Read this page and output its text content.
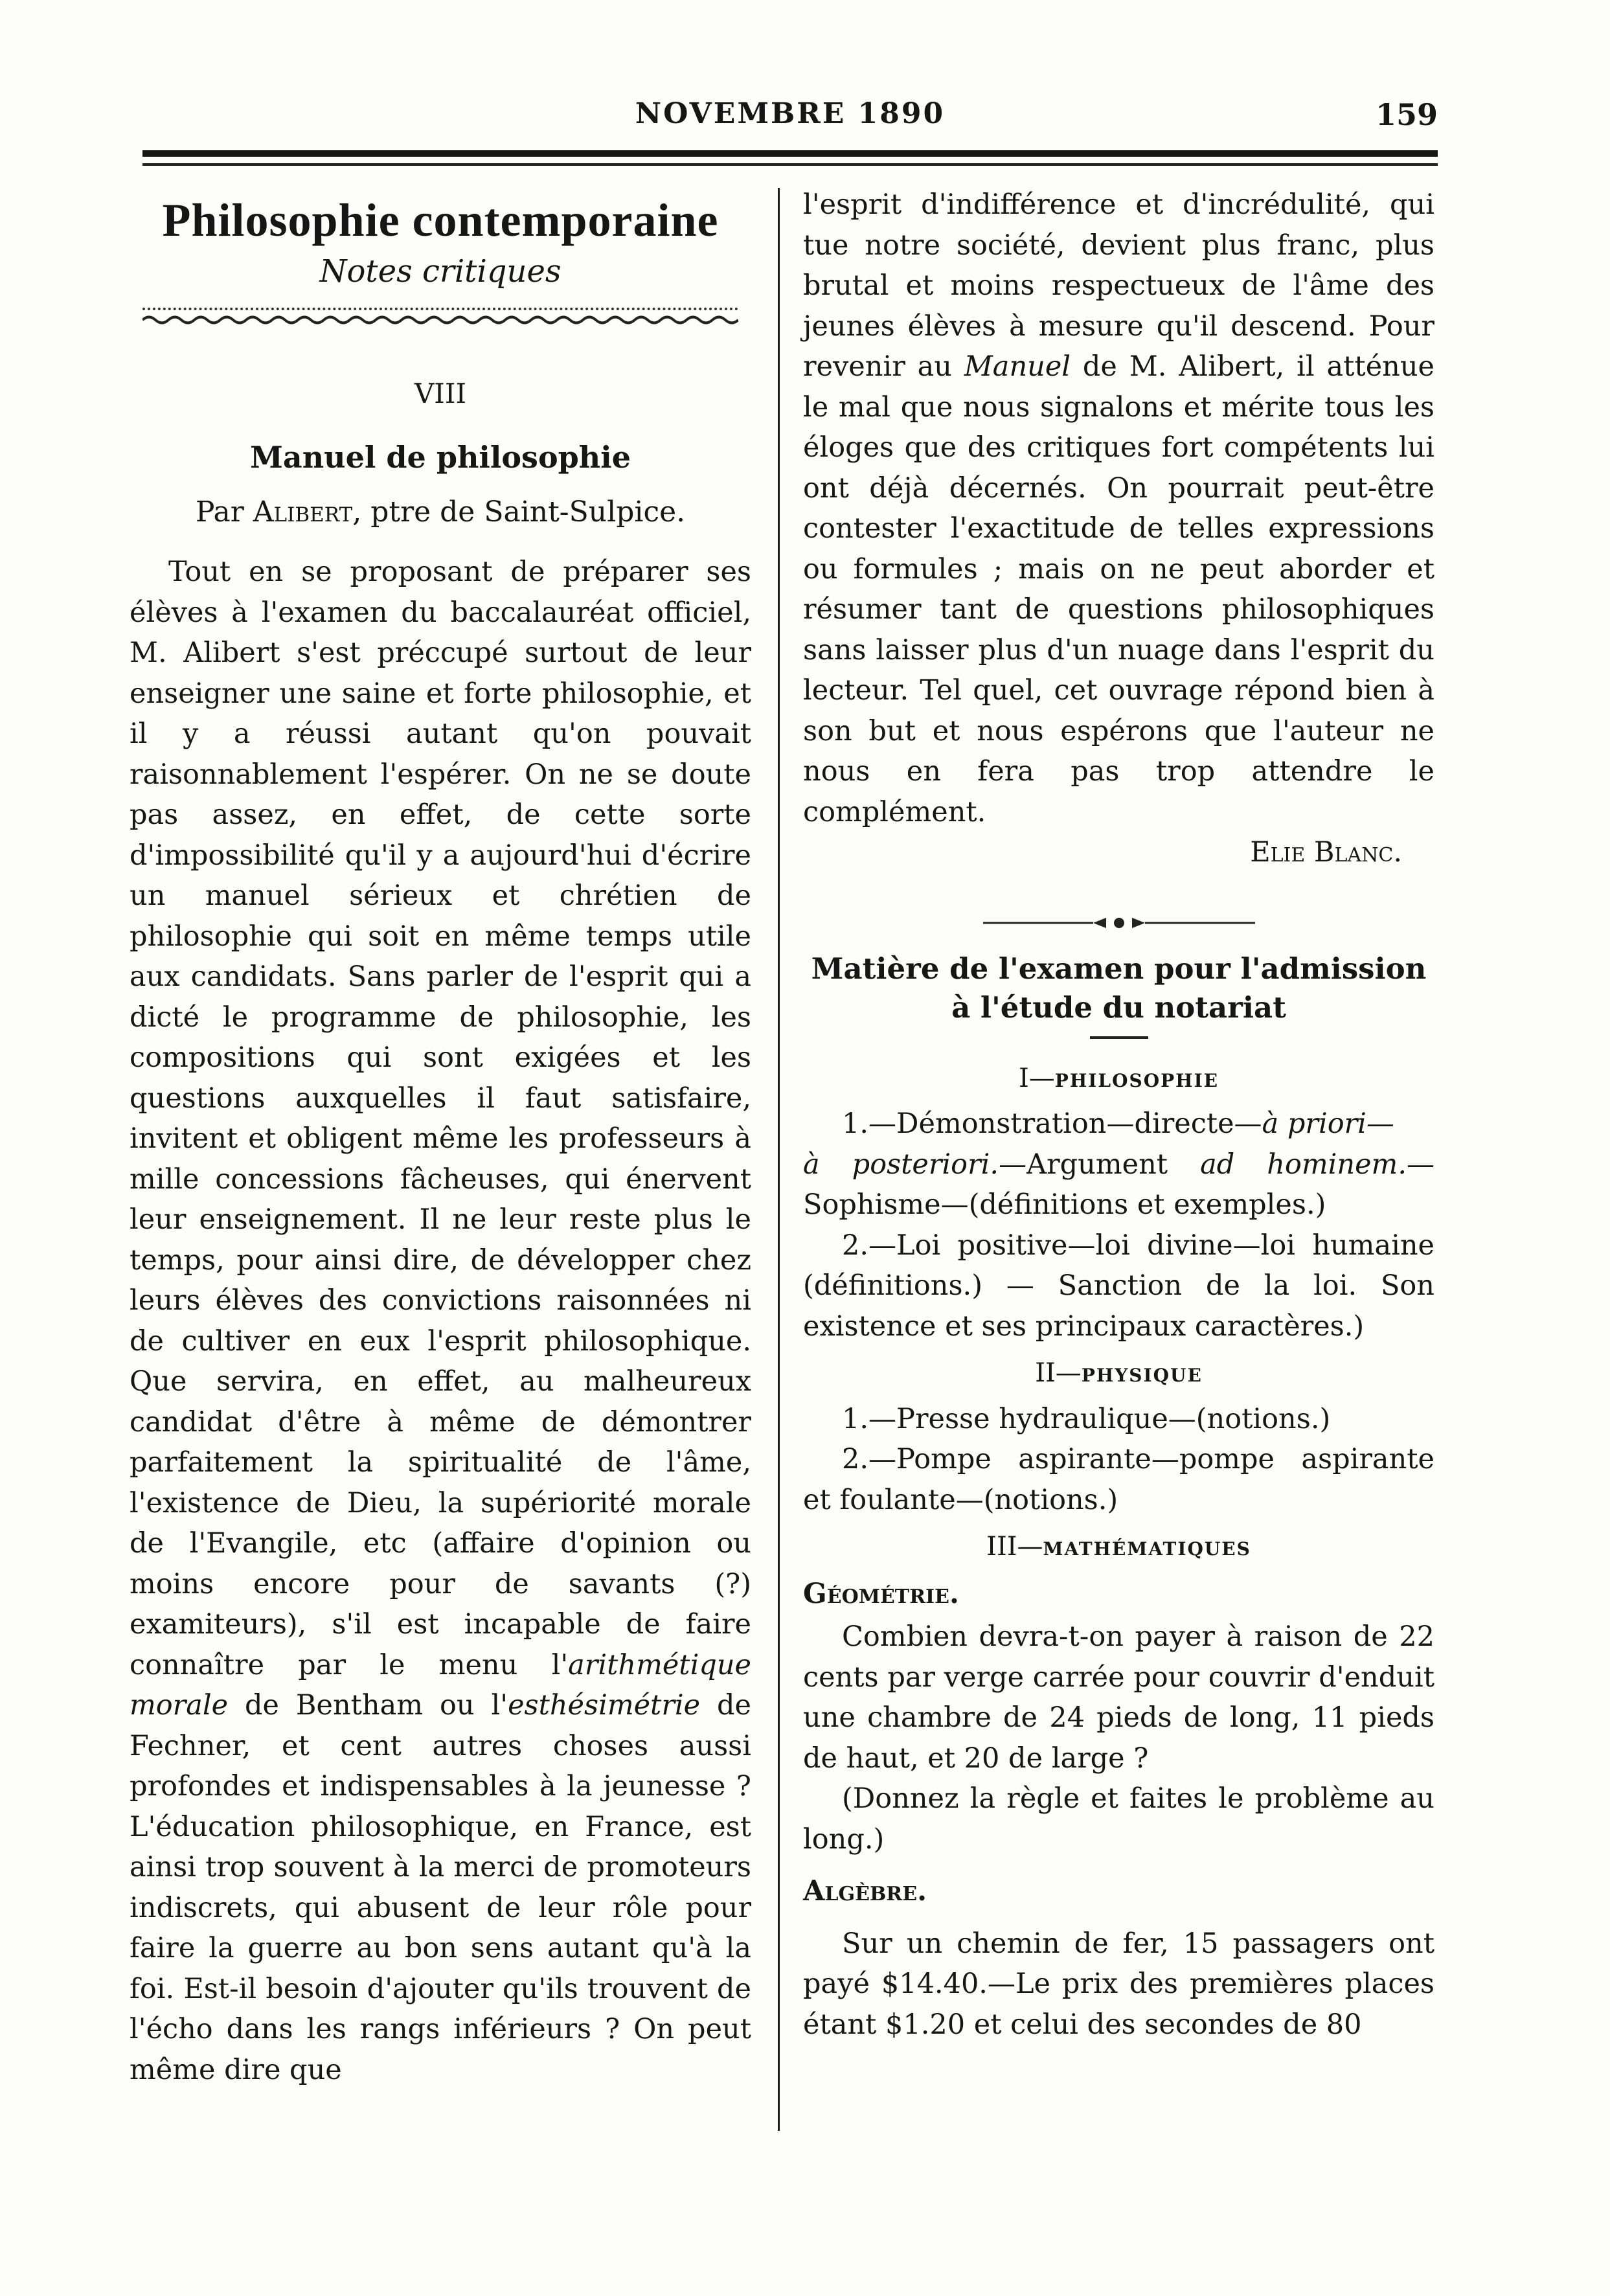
NOVEMBRE 1890	159
Philosophie contemporaine
Notes critiques
VIII
Manuel de philosophie
Par Alibert, ptre de Saint-Sulpice.

Tout en se proposant de préparer ses élèves à l'examen du baccalauréat officiel, M. Alibert s'est préccupé surtout de leur enseigner une saine et forte philosophie, et il y a réussi autant qu'on pouvait raisonnablement l'espérer. On ne se doute pas assez, en effet, de cette sorte d'impossibilité qu'il y a aujourd'hui d'écrire un manuel sérieux et chrétien de philosophie qui soit en même temps utile aux candidats. Sans parler de l'esprit qui a dicté le programme de philosophie, les compositions qui sont exigées et les questions auxquelles il faut satisfaire, invitent et obligent même les professeurs à mille concessions fâcheuses, qui énervent leur enseignement. Il ne leur reste plus le temps, pour ainsi dire, de développer chez leurs élèves des convictions raisonnées ni de cultiver en eux l'esprit philosophique. Que servira, en effet, au malheureux candidat d'être à même de démontrer parfaitement la spiritualité de l'âme, l'existence de Dieu, la supériorité morale de l'Evangile, etc (affaire d'opinion ou moins encore pour de savants (?) examiteurs), s'il est incapable de faire connaître par le menu l'arithmétique morale de Bentham ou l'esthésimétrie de Fechner, et cent autres choses aussi profondes et indispensables à la jeunesse ? L'éducation philosophique, en France, est ainsi trop souvent à la merci de promoteurs indiscrets, qui abusent de leur rôle pour faire la guerre au bon sens autant qu'à la foi. Est-il besoin d'ajouter qu'ils trouvent de l'écho dans les rangs inférieurs ? On peut même dire que

l'esprit d'indifférence et d'incrédulité, qui tue notre société, devient plus franc, plus brutal et moins respectueux de l'âme des jeunes élèves à mesure qu'il descend. Pour revenir au Manuel de M. Alibert, il atténue le mal que nous signalons et mérite tous les éloges que des critiques fort compétents lui ont déjà décernés. On pourrait peut-être contester l'exactitude de telles expressions ou formules ; mais on ne peut aborder et résumer tant de questions philosophiques sans laisser plus d'un nuage dans l'esprit du lecteur. Tel quel, cet ouvrage répond bien à son but et nous espérons que l'auteur ne nous en fera pas trop attendre le complément.

Elie Blanc.
Matière de l'examen pour l'admission
à l'étude du notariat
I—PHILOSOPHIE

1.—Démonstration—directe—à priori—
à posteriori.—Argument ad hominem.—Sophisme—(définitions et exemples.)

2.—Loi positive—loi divine—loi humaine (définitions.) — Sanction de la loi. Son existence et ses principaux caractères.)

II—PHYSIQUE

1.—Presse hydraulique—(notions.)

2.—Pompe aspirante—pompe aspirante et foulante—(notions.)

III—MATHÉMATIQUES
Géométrie.

Combien devra-t-on payer à raison de 22 cents par verge carrée pour couvrir d'enduit une chambre de 24 pieds de long, 11 pieds de haut, et 20 de large ?

(Donnez la règle et faites le problème au long.)

Algèbre.

Sur un chemin de fer, 15 passagers ont payé $14.40.—Le prix des premières places étant $1.20 et celui des secondes de 80
